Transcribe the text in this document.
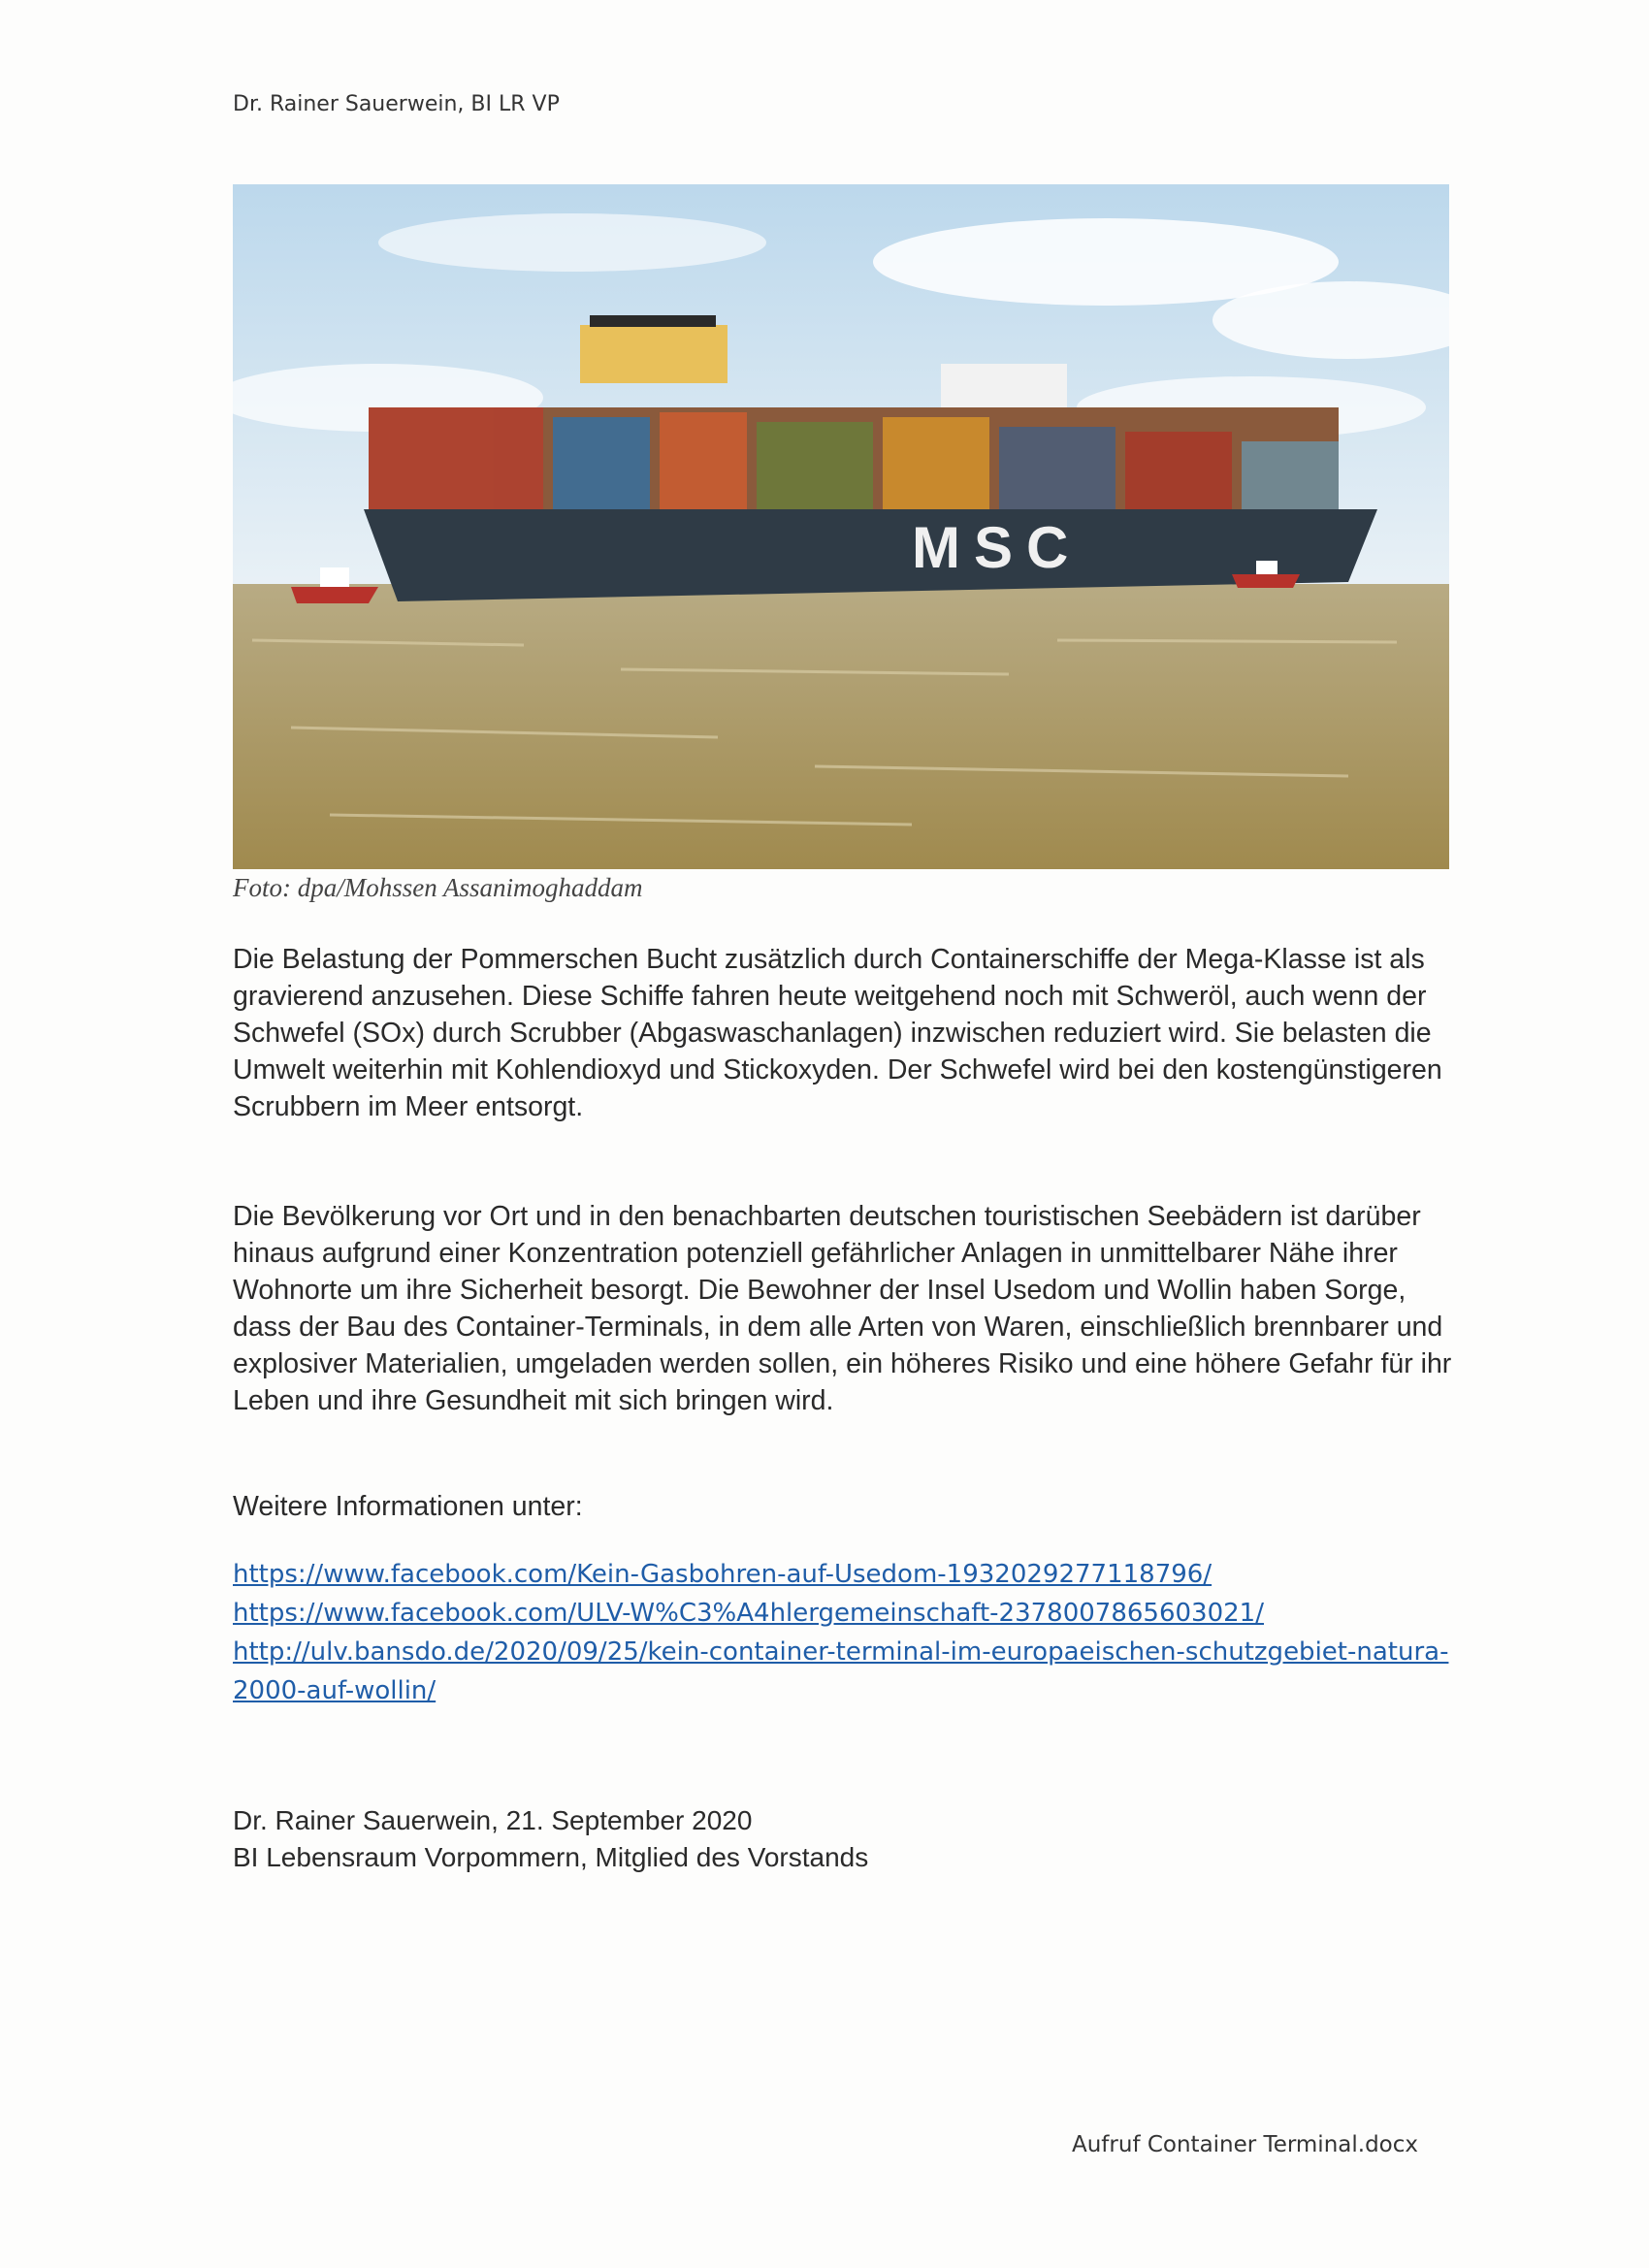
Dr. Rainer Sauerwein, BI LR VP
MSC
Foto: dpa/Mohssen Assanimoghaddam
Die Belastung der Pommerschen Bucht zusätzlich durch Containerschiffe der Mega-Klasse ist als gravierend anzusehen. Diese Schiffe fahren heute weitgehend noch mit Schweröl, auch wenn der Schwefel (SOx) durch Scrubber (Abgaswaschanlagen) inzwischen reduziert wird. Sie belasten die Umwelt weiterhin mit Kohlendioxyd und Stickoxyden. Der Schwefel wird bei den kostengünstigeren Scrubbern im Meer entsorgt.
Die Bevölkerung vor Ort und in den benachbarten deutschen touristischen Seebädern ist darüber hinaus aufgrund einer Konzentration potenziell gefährlicher Anlagen in unmittelbarer Nähe ihrer Wohnorte um ihre Sicherheit besorgt. Die Bewohner der Insel Usedom und Wollin haben Sorge, dass der Bau des Container-Terminals, in dem alle Arten von Waren, einschließlich brennbarer und explosiver Materialien, umgeladen werden sollen, ein höheres Risiko und eine höhere Gefahr für ihr Leben und ihre Gesundheit mit sich bringen wird.
Weitere Informationen unter:
https://www.facebook.com/Kein-Gasbohren-auf-Usedom-1932029277118796/
https://www.facebook.com/ULV-W%C3%A4hlergemeinschaft-2378007865603021/
http://ulv.bansdo.de/2020/09/25/kein-container-terminal-im-europaeischen-schutzgebiet-natura-2000-auf-wollin/
Dr. Rainer Sauerwein, 21. September 2020
BI Lebensraum Vorpommern, Mitglied des Vorstands
Aufruf Container Terminal.docx
